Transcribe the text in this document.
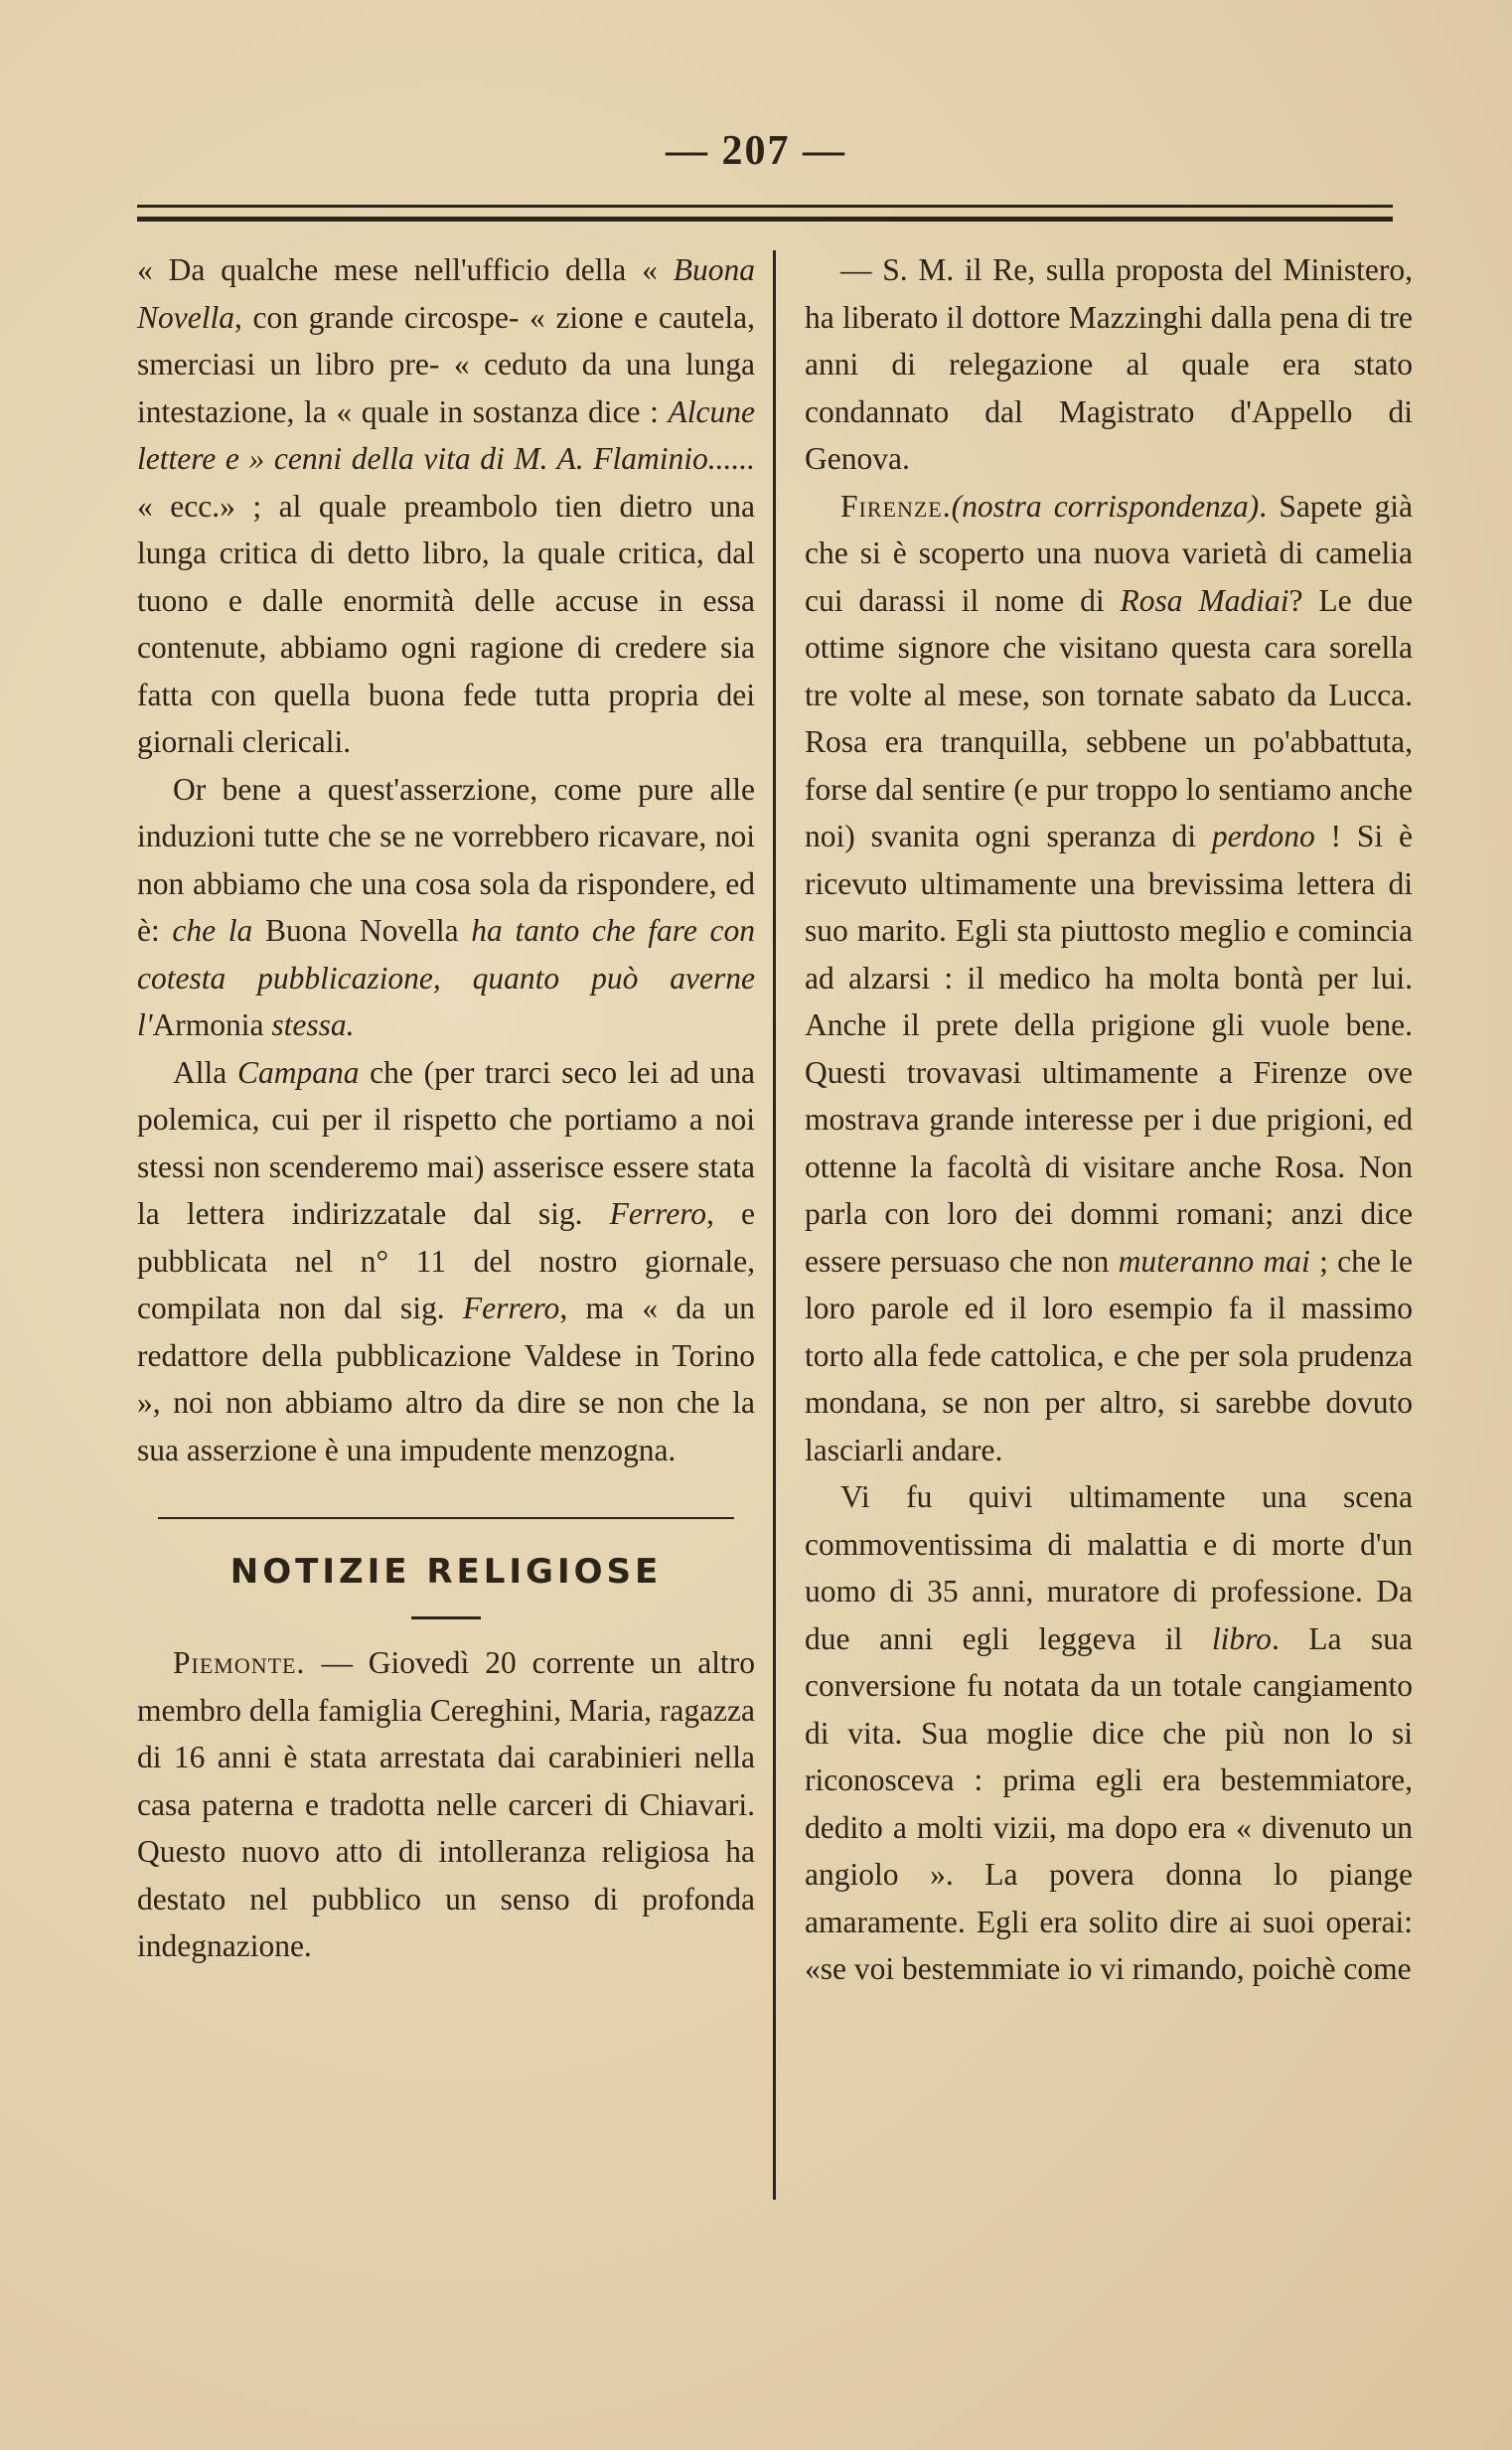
— 207 —

« Da qualche mese nell'ufficio della « Buona Novella, con grande circospe- « zione e cautela, smerciasi un libro pre- « ceduto da una lunga intestazione, la « quale in sostanza dice : Alcune lettere e » cenni della vita di M. A. Flaminio...... « ecc.» ; al quale preambolo tien dietro una lunga critica di detto libro, la quale critica, dal tuono e dalle enormità delle accuse in essa contenute, abbiamo ogni ragione di credere sia fatta con quella buona fede tutta propria dei giornali clericali.

Or bene a quest'asserzione, come pure alle induzioni tutte che se ne vorrebbero ricavare, noi non abbiamo che una cosa sola da rispondere, ed è: che la Buona Novella ha tanto che fare con cotesta pubblicazione, quanto può averne l'Armonia stessa.

Alla Campana che (per trarci seco lei ad una polemica, cui per il rispetto che portiamo a noi stessi non scenderemo mai) asserisce essere stata la lettera indirizzatale dal sig. Ferrero, e pubblicata nel n° 11 del nostro giornale, compilata non dal sig. Ferrero, ma « da un redattore della pubblicazione Valdese in Torino », noi non abbiamo altro da dire se non che la sua asserzione è una impudente menzogna.

NOTIZIE RELIGIOSE

Piemonte. — Giovedì 20 corrente un altro membro della famiglia Cereghini, Maria, ragazza di 16 anni è stata arrestata dai carabinieri nella casa paterna e tradotta nelle carceri di Chiavari. Questo nuovo atto di intolleranza religiosa ha destato nel pubblico un senso di profonda indegnazione.

— S. M. il Re, sulla proposta del Ministero, ha liberato il dottore Mazzinghi dalla pena di tre anni di relegazione al quale era stato condannato dal Magistrato d'Appello di Genova.

Firenze.(nostra corrispondenza). Sapete già che si è scoperto una nuova varietà di camelia cui darassi il nome di Rosa Madiai? Le due ottime signore che visitano questa cara sorella tre volte al mese, son tornate sabato da Lucca. Rosa era tranquilla, sebbene un po'abbattuta, forse dal sentire (e pur troppo lo sentiamo anche noi) svanita ogni speranza di perdono ! Si è ricevuto ultimamente una brevissima lettera di suo marito. Egli sta piuttosto meglio e comincia ad alzarsi : il medico ha molta bontà per lui. Anche il prete della prigione gli vuole bene. Questi trovavasi ultimamente a Firenze ove mostrava grande interesse per i due prigioni, ed ottenne la facoltà di visitare anche Rosa. Non parla con loro dei dommi romani; anzi dice essere persuaso che non muteranno mai ; che le loro parole ed il loro esempio fa il massimo torto alla fede cattolica, e che per sola prudenza mondana, se non per altro, si sarebbe dovuto lasciarli andare.

Vi fu quivi ultimamente una scena commoventissima di malattia e di morte d'un uomo di 35 anni, muratore di professione. Da due anni egli leggeva il libro. La sua conversione fu notata da un totale cangiamento di vita. Sua moglie dice che più non lo si riconosceva : prima egli era bestemmiatore, dedito a molti vizii, ma dopo era « divenuto un angiolo ». La povera donna lo piange amaramente. Egli era solito dire ai suoi operai: «se voi bestemmiate io vi rimando, poichè come
